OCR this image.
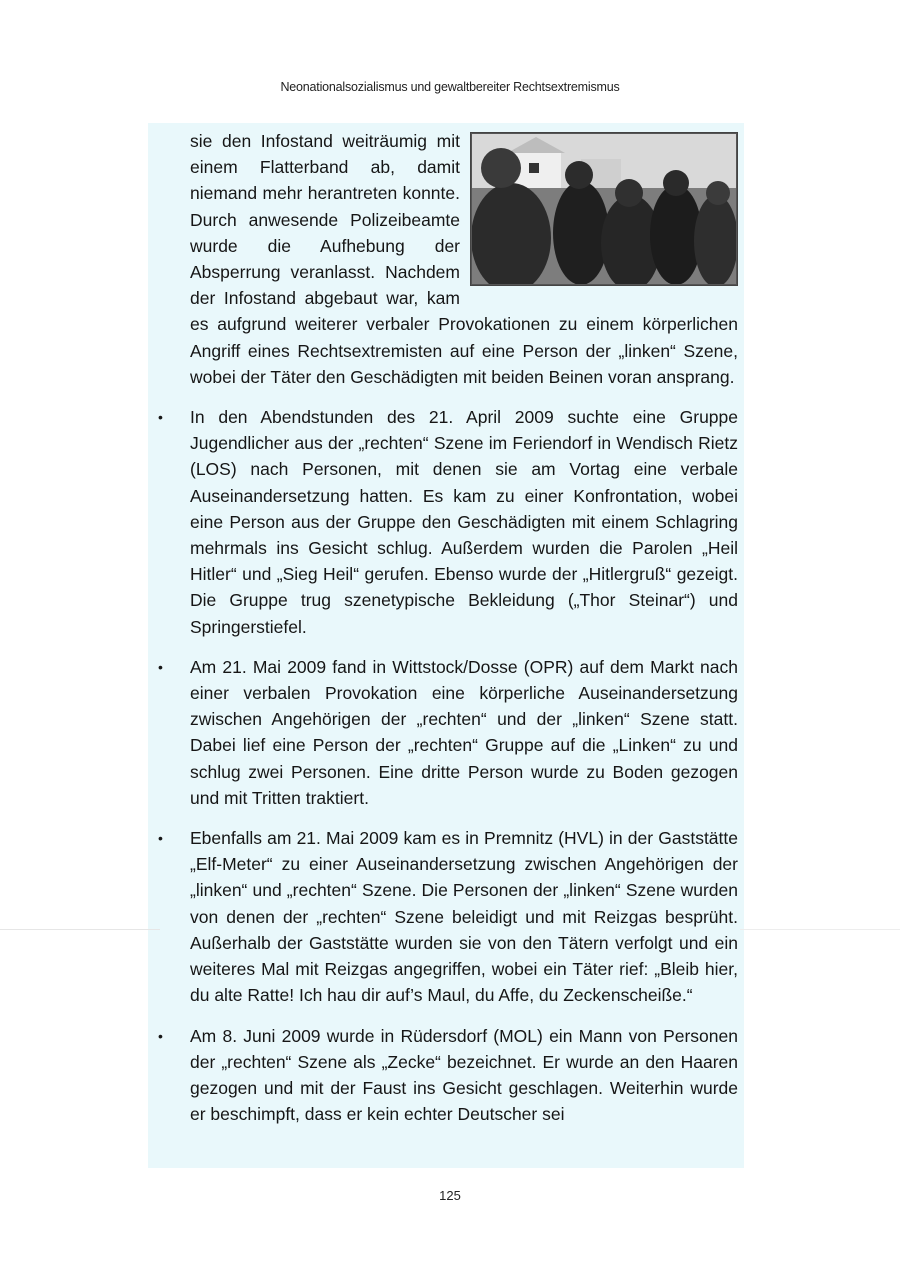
Neonationalsozialismus und gewaltbereiter Rechtsextremismus

sie den Infostand weiträumig mit einem Flatterband ab, damit niemand mehr herantreten konnte. Durch anwesende Polizeibeamte wurde die Aufhebung der Absperrung veranlasst. Nachdem der Infostand abgebaut war, kam es aufgrund weiterer verbaler Provokationen zu einem körperlichen Angriff eines Rechtsextremisten auf eine Person der „linken“ Szene, wobei der Täter den Geschädigten mit beiden Beinen voran ansprang.

• In den Abendstunden des 21. April 2009 suchte eine Gruppe Jugendlicher aus der „rechten“ Szene im Feriendorf in Wendisch Rietz (LOS) nach Personen, mit denen sie am Vortag eine verbale Auseinandersetzung hatten. Es kam zu einer Konfrontation, wobei eine Person aus der Gruppe den Geschädigten mit einem Schlagring mehrmals ins Gesicht schlug. Außerdem wurden die Parolen „Heil Hitler“ und „Sieg Heil“ gerufen. Ebenso wurde der „Hitlergruß“ gezeigt. Die Gruppe trug szenetypische Bekleidung („Thor Steinar“) und Springerstiefel.
• Am 21. Mai 2009 fand in Wittstock/Dosse (OPR) auf dem Markt nach einer verbalen Provokation eine körperliche Auseinandersetzung zwischen Angehörigen der „rechten“ und der „linken“ Szene statt. Dabei lief eine Person der „rechten“ Gruppe auf die „Linken“ zu und schlug zwei Personen. Eine dritte Person wurde zu Boden gezogen und mit Tritten traktiert.
• Ebenfalls am 21. Mai 2009 kam es in Premnitz (HVL) in der Gaststätte „Elf-Meter“ zu einer Auseinandersetzung zwischen Angehörigen der „linken“ und „rechten“ Szene. Die Personen der „linken“ Szene wurden von denen der „rechten“ Szene beleidigt und mit Reizgas besprüht. Außerhalb der Gaststätte wurden sie von den Tätern verfolgt und ein weiteres Mal mit Reizgas angegriffen, wobei ein Täter rief: „Bleib hier, du alte Ratte! Ich hau dir auf’s Maul, du Affe, du Zeckenscheiße.“
• Am 8. Juni 2009 wurde in Rüdersdorf (MOL) ein Mann von Personen der „rechten“ Szene als „Zecke“ bezeichnet. Er wurde an den Haaren gezogen und mit der Faust ins Gesicht geschlagen. Weiterhin wurde er beschimpft, dass er kein echter Deutscher sei
125
